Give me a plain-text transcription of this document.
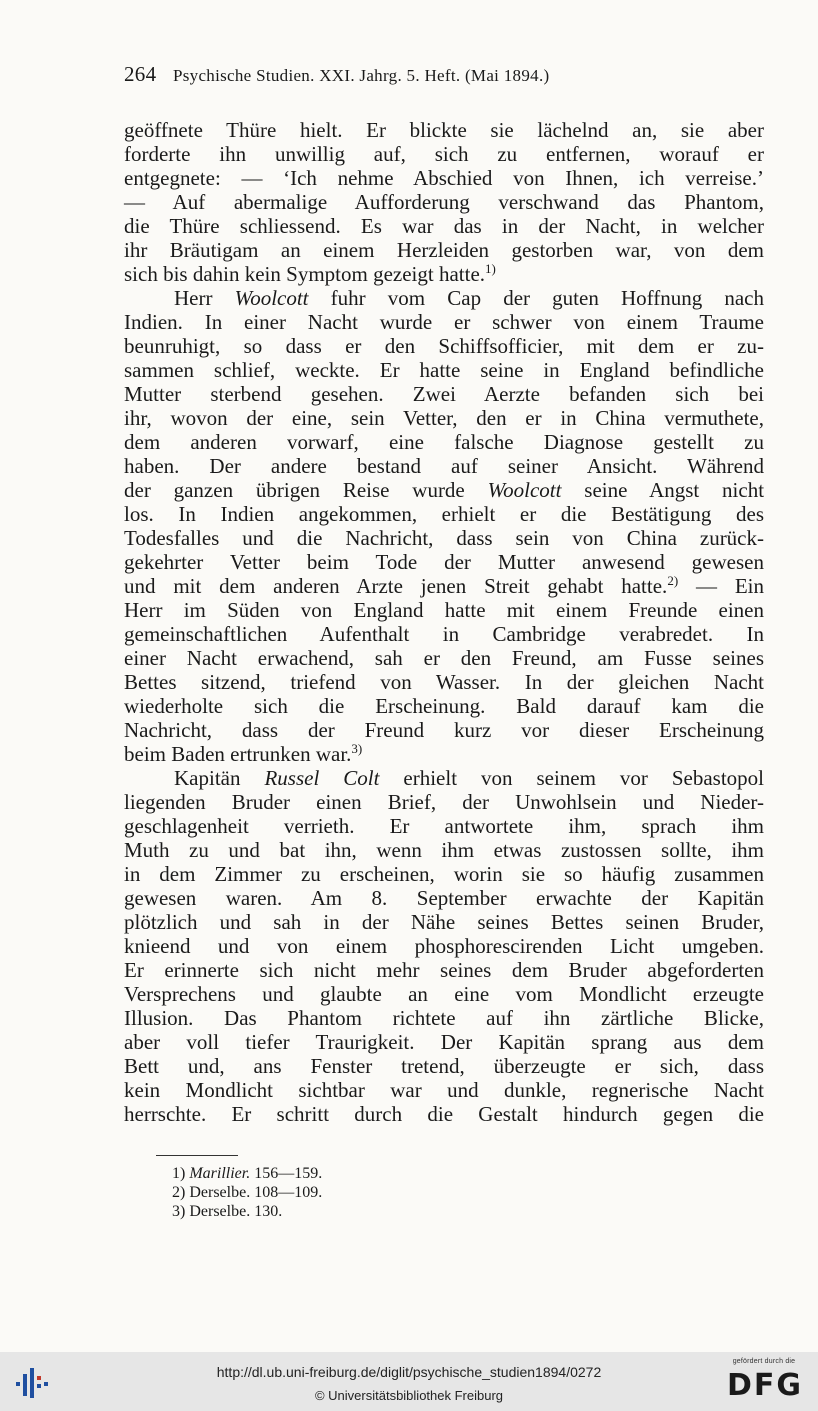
264 Psychische Studien. XXI. Jahrg. 5. Heft. (Mai 1894.)
geöffnete Thüre hielt. Er blickte sie lächelnd an, sie aber
forderte ihn unwillig auf, sich zu entfernen, worauf er
entgegnete: — ‘Ich nehme Abschied von Ihnen, ich verreise.’
— Auf abermalige Aufforderung verschwand das Phantom,
die Thüre schliessend. Es war das in der Nacht, in welcher
ihr Bräutigam an einem Herzleiden gestorben war, von dem
sich bis dahin kein Symptom gezeigt hatte.$^{1)}$
Herr Woolcott fuhr vom Cap der guten Hoffnung nach
Indien. In einer Nacht wurde er schwer von einem Traume
beunruhigt, so dass er den Schiffsofficier, mit dem er zu-
sammen schlief, weckte. Er hatte seine in England befindliche
Mutter sterbend gesehen. Zwei Aerzte befanden sich bei
ihr, wovon der eine, sein Vetter, den er in China vermuthete,
dem anderen vorwarf, eine falsche Diagnose gestellt zu
haben. Der andere bestand auf seiner Ansicht. Während
der ganzen übrigen Reise wurde Woolcott seine Angst nicht
los. In Indien angekommen, erhielt er die Bestätigung des
Todesfalles und die Nachricht, dass sein von China zurück-
gekehrter Vetter beim Tode der Mutter anwesend gewesen
und mit dem anderen Arzte jenen Streit gehabt hatte.$^{2)}$ — Ein
Herr im Süden von England hatte mit einem Freunde einen
gemeinschaftlichen Aufenthalt in Cambridge verabredet. In
einer Nacht erwachend, sah er den Freund, am Fusse seines
Bettes sitzend, triefend von Wasser. In der gleichen Nacht
wiederholte sich die Erscheinung. Bald darauf kam die
Nachricht, dass der Freund kurz vor dieser Erscheinung
beim Baden ertrunken war.$^{3)}$
Kapitän Russel Colt erhielt von seinem vor Sebastopol
liegenden Bruder einen Brief, der Unwohlsein und Nieder-
geschlagenheit verrieth. Er antwortete ihm, sprach ihm
Muth zu und bat ihn, wenn ihm etwas zustossen sollte, ihm
in dem Zimmer zu erscheinen, worin sie so häufig zusammen
gewesen waren. Am 8. September erwachte der Kapitän
plötzlich und sah in der Nähe seines Bettes seinen Bruder,
knieend und von einem phosphorescirenden Licht umgeben.
Er erinnerte sich nicht mehr seines dem Bruder abgeforderten
Versprechens und glaubte an eine vom Mondlicht erzeugte
Illusion. Das Phantom richtete auf ihn zärtliche Blicke,
aber voll tiefer Traurigkeit. Der Kapitän sprang aus dem
Bett und, ans Fenster tretend, überzeugte er sich, dass
kein Mondlicht sichtbar war und dunkle, regnerische Nacht
herrschte. Er schritt durch die Gestalt hindurch gegen die
1) Marillier. 156—159.
2) Derselbe. 108—109.
3) Derselbe. 130.
http://dl.ub.uni-freiburg.de/diglit/psychische_studien1894/0272
© Universitätsbibliothek Freiburg
gefördert durch die
DFG
